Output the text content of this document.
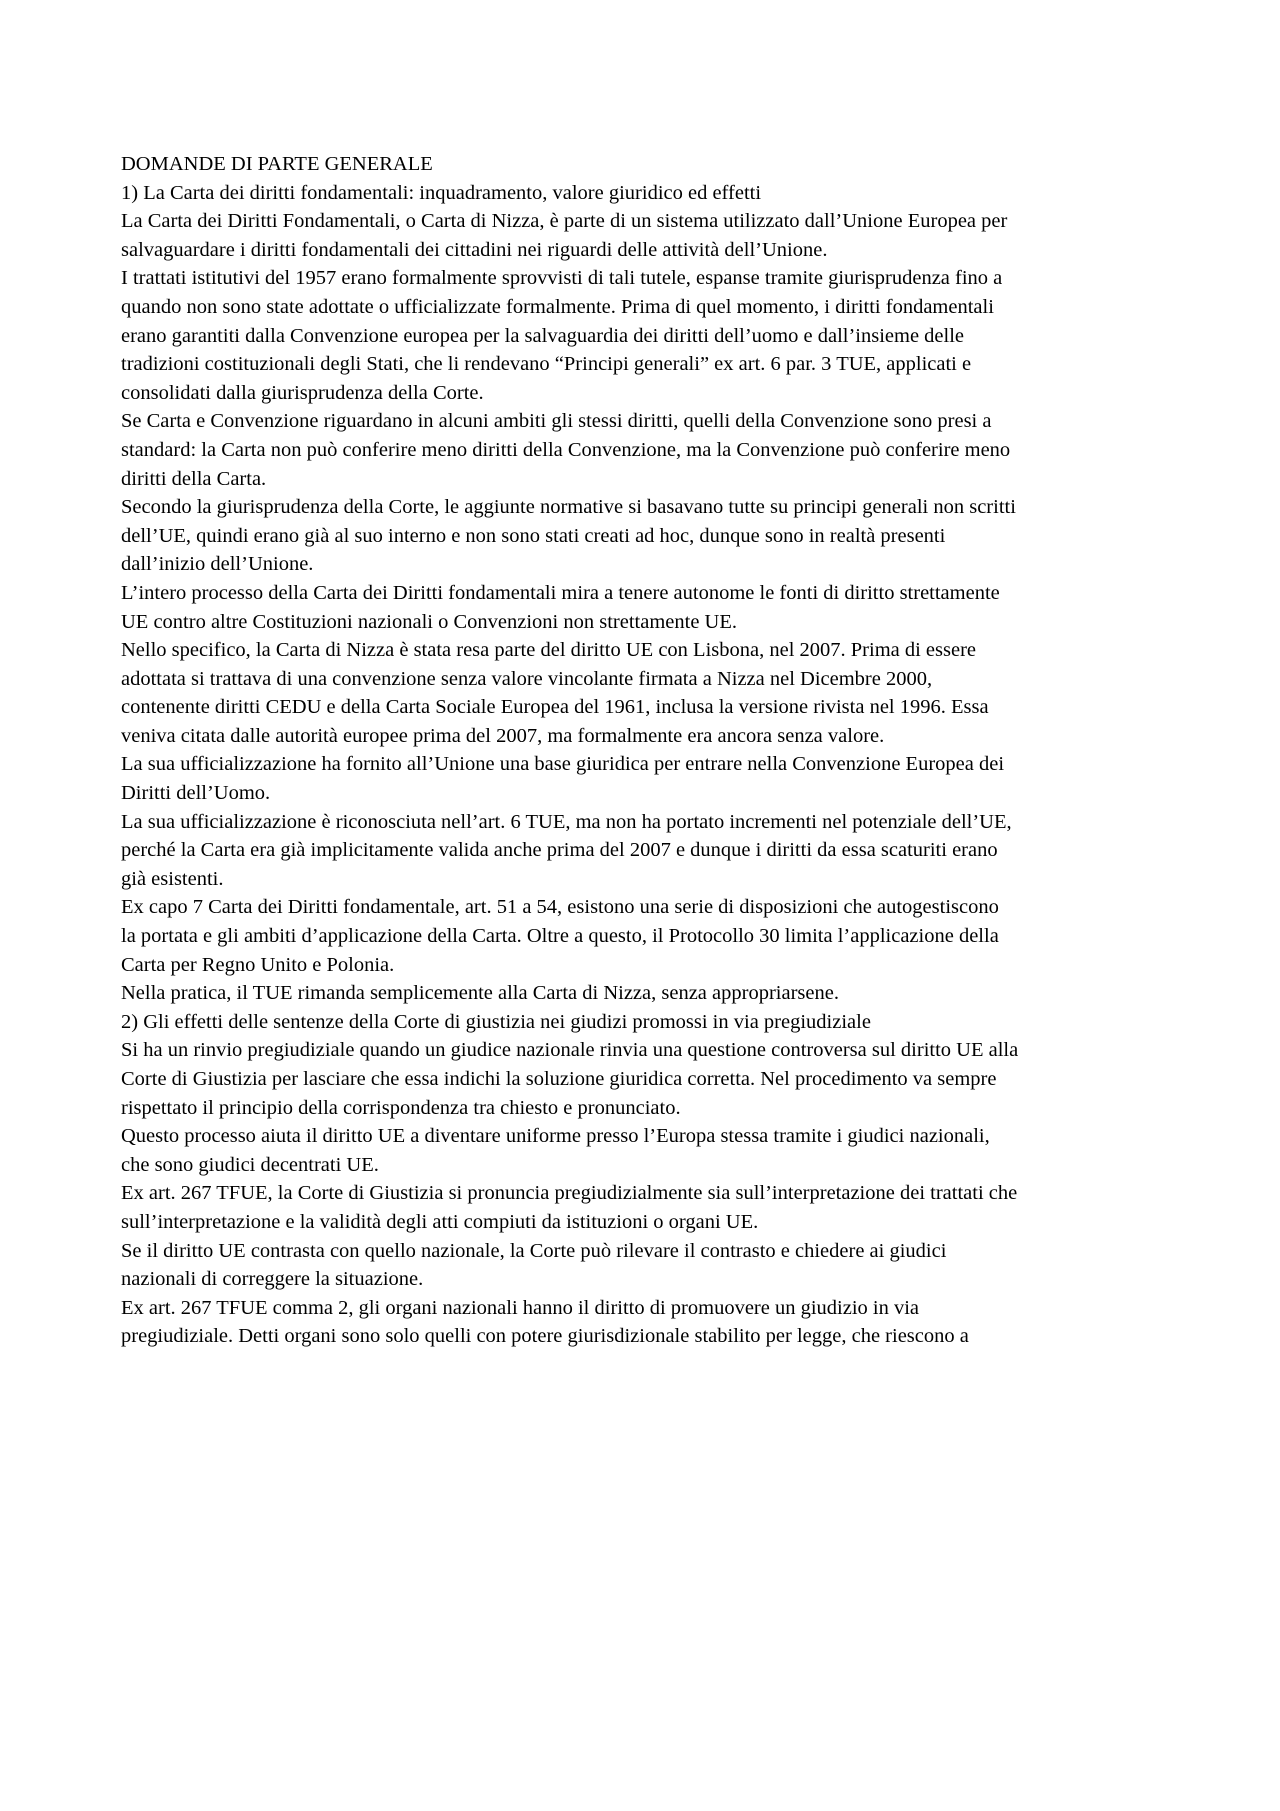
DOMANDE DI PARTE GENERALE

1) La Carta dei diritti fondamentali: inquadramento, valore giuridico ed effetti

La Carta dei Diritti Fondamentali, o Carta di Nizza, è parte di un sistema utilizzato dall’Unione Europea per
salvaguardare i diritti fondamentali dei cittadini nei riguardi delle attività dell’Unione.
I trattati istitutivi del 1957 erano formalmente sprovvisti di tali tutele, espanse tramite giurisprudenza fino a
quando non sono state adottate o ufficializzate formalmente. Prima di quel momento, i diritti fondamentali
erano garantiti dalla Convenzione europea per la salvaguardia dei diritti dell’uomo e dall’insieme delle
tradizioni costituzionali degli Stati, che li rendevano “Principi generali” ex art. 6 par. 3 TUE, applicati e
consolidati dalla giurisprudenza della Corte.
Se Carta e Convenzione riguardano in alcuni ambiti gli stessi diritti, quelli della Convenzione sono presi a
standard: la Carta non può conferire meno diritti della Convenzione, ma la Convenzione può conferire meno
diritti della Carta.

Secondo la giurisprudenza della Corte, le aggiunte normative si basavano tutte su principi generali non scritti
dell’UE, quindi erano già al suo interno e non sono stati creati ad hoc, dunque sono in realtà presenti
dall’inizio dell’Unione.
L’intero processo della Carta dei Diritti fondamentali mira a tenere autonome le fonti di diritto strettamente
UE contro altre Costituzioni nazionali o Convenzioni non strettamente UE.

Nello specifico, la Carta di Nizza è stata resa parte del diritto UE con Lisbona, nel 2007. Prima di essere
adottata si trattava di una convenzione senza valore vincolante firmata a Nizza nel Dicembre 2000,
contenente diritti CEDU e della Carta Sociale Europea del 1961, inclusa la versione rivista nel 1996. Essa
veniva citata dalle autorità europee prima del 2007, ma formalmente era ancora senza valore.
La sua ufficializzazione ha fornito all’Unione una base giuridica per entrare nella Convenzione Europea dei
Diritti dell’Uomo.
La sua ufficializzazione è riconosciuta nell’art. 6 TUE, ma non ha portato incrementi nel potenziale dell’UE,
perché la Carta era già implicitamente valida anche prima del 2007 e dunque i diritti da essa scaturiti erano
già esistenti.
Ex capo 7 Carta dei Diritti fondamentale, art. 51 a 54, esistono una serie di disposizioni che autogestiscono
la portata e gli ambiti d’applicazione della Carta. Oltre a questo, il Protocollo 30 limita l’applicazione della
Carta per Regno Unito e Polonia.
Nella pratica, il TUE rimanda semplicemente alla Carta di Nizza, senza appropriarsene.

2) Gli effetti delle sentenze della Corte di giustizia nei giudizi promossi in via pregiudiziale

Si ha un rinvio pregiudiziale quando un giudice nazionale rinvia una questione controversa sul diritto UE alla
Corte di Giustizia per lasciare che essa indichi la soluzione giuridica corretta. Nel procedimento va sempre
rispettato il principio della corrispondenza tra chiesto e pronunciato.
Questo processo aiuta il diritto UE a diventare uniforme presso l’Europa stessa tramite i giudici nazionali,
che sono giudici decentrati UE.

Ex art. 267 TFUE, la Corte di Giustizia si pronuncia pregiudizialmente sia sull’interpretazione dei trattati che
sull’interpretazione e la validità degli atti compiuti da istituzioni o organi UE.
Se il diritto UE contrasta con quello nazionale, la Corte può rilevare il contrasto e chiedere ai giudici
nazionali di correggere la situazione.

Ex art. 267 TFUE comma 2, gli organi nazionali hanno il diritto di promuovere un giudizio in via
pregiudiziale. Detti organi sono solo quelli con potere giurisdizionale stabilito per legge, che riescono a
